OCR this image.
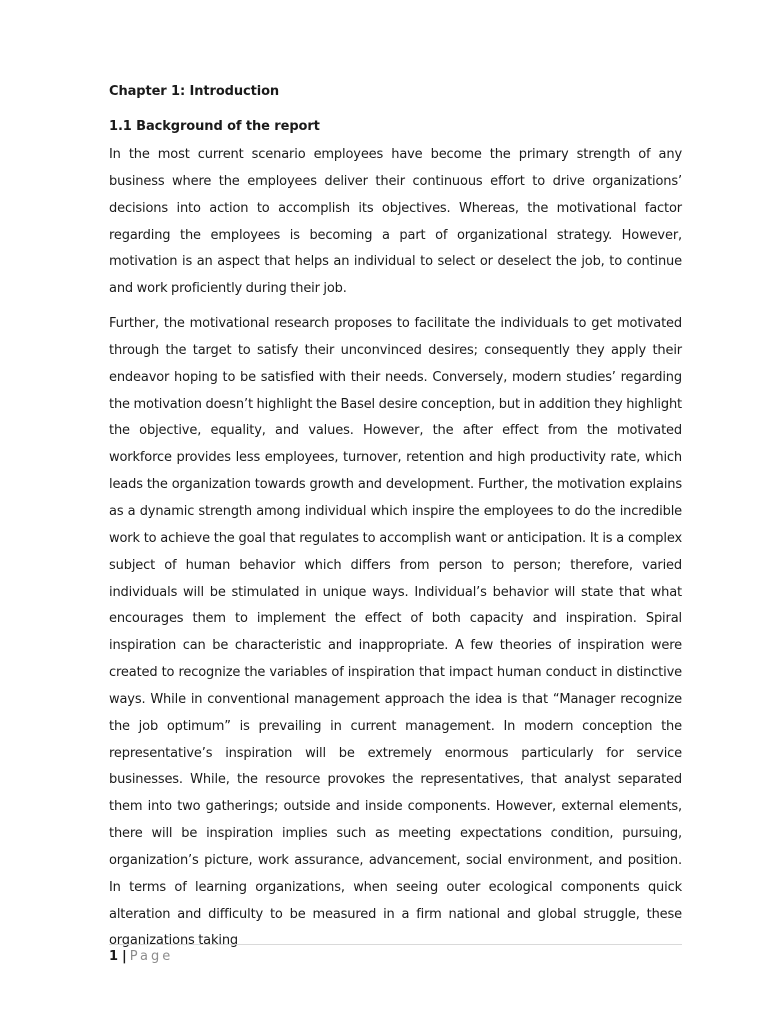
Chapter 1: Introduction

1.1 Background of the report

In the most current scenario employees have become the primary strength of any business where the employees deliver their continuous effort to drive organizations’ decisions into action to accomplish its objectives. Whereas, the motivational factor regarding the employees is becoming a part of organizational strategy. However, motivation is an aspect that helps an individual to select or deselect the job, to continue and work proficiently during their job.

Further, the motivational research proposes to facilitate the individuals to get motivated through the target to satisfy their unconvinced desires; consequently they apply their endeavor hoping to be satisfied with their needs. Conversely, modern studies’ regarding the motivation doesn’t highlight the Basel desire conception, but in addition they highlight the objective, equality, and values. However, the after effect from the motivated workforce provides less employees, turnover, retention and high productivity rate, which leads the organization towards growth and development. Further, the motivation explains as a dynamic strength among individual which inspire the employees to do the incredible work to achieve the goal that regulates to accomplish want or anticipation. It is a complex subject of human behavior which differs from person to person; therefore, varied individuals will be stimulated in unique ways. Individual’s behavior will state that what encourages them to implement the effect of both capacity and inspiration. Spiral inspiration can be characteristic and inappropriate. A few theories of inspiration were created to recognize the variables of inspiration that impact human conduct in distinctive ways. While in conventional management approach the idea is that “Manager recognize the job optimum” is prevailing in current management. In modern conception the representative’s inspiration will be extremely enormous particularly for service businesses. While, the resource provokes the representatives, that analyst separated them into two gatherings; outside and inside components. However, external elements, there will be inspiration implies such as meeting expectations condition, pursuing, organization’s picture, work assurance, advancement, social environment, and position. In terms of learning organizations, when seeing outer ecological components quick alteration and difficulty to be measured in a firm national and global struggle, these organizations taking

1 | Page
